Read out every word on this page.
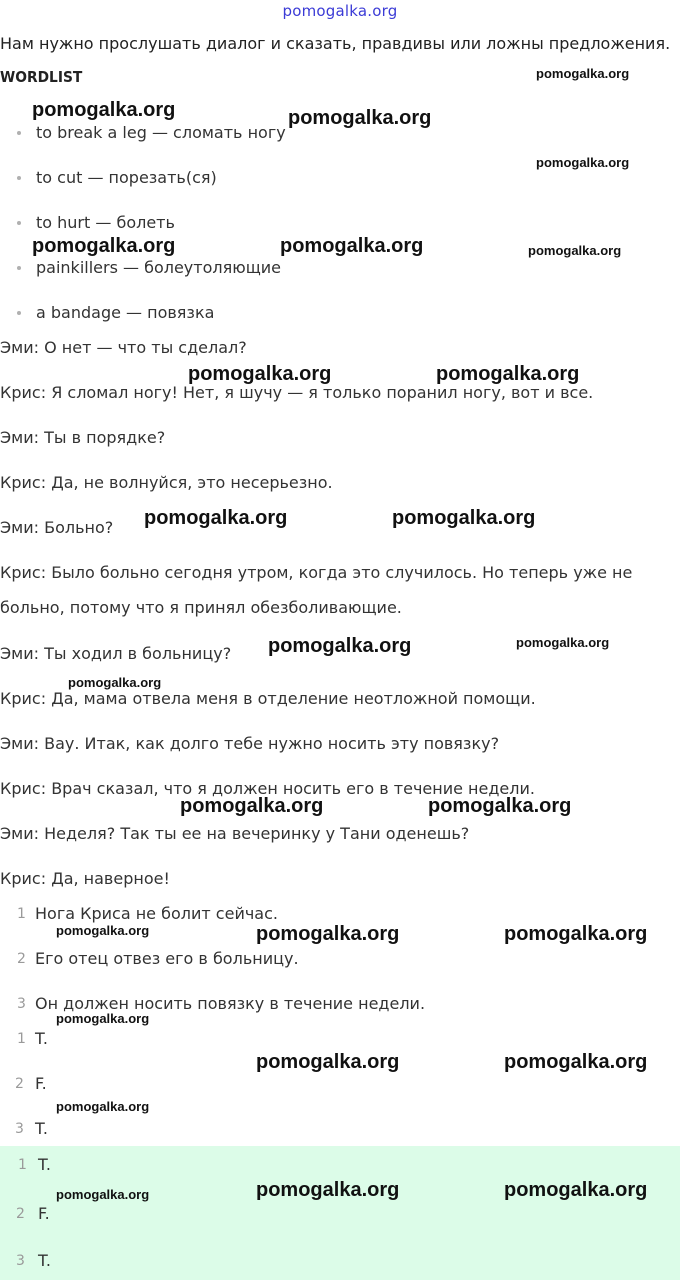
pomogalka.org
Нам нужно прослушать диалог и сказать, правдивы или ложны предложения.
WORDLIST
to break a leg — сломать ногу
to cut — порезать(ся)
to hurt — болеть
painkillers — болеутоляющие
a bandage — повязка
Эми: О нет — что ты сделал?
Крис: Я сломал ногу! Нет, я шучу — я только поранил ногу, вот и все.
Эми: Ты в порядке?
Крис: Да, не волнуйся, это несерьезно.
Эми: Больно?
Крис: Было больно сегодня утром, когда это случилось. Но теперь уже не
больно, потому что я принял обезболивающие.
Эми: Ты ходил в больницу?
Крис: Да, мама отвела меня в отделение неотложной помощи.
Эми: Вау. Итак, как долго тебе нужно носить эту повязку?
Крис: Врач сказал, что я должен носить его в течение недели.
Эми: Неделя? Так ты ее на вечеринку у Тани оденешь?
Крис: Да, наверное!
1 Нога Криса не болит сейчас.
2 Его отец отвез его в больницу.
3 Он должен носить повязку в течение недели.
1 T.
2 F.
3 T.
1 T.
2 F.
3 T.
pomogalka.org
pomogalka.org	pomogalka.org
pomogalka.org
pomogalka.org	pomogalka.org	pomogalka.org
pomogalka.org	pomogalka.org
pomogalka.org	pomogalka.org
pomogalka.org
pomogalka.org
pomogalka.org
pomogalka.org	pomogalka.org
pomogalka.org	pomogalka.org	pomogalka.org
pomogalka.org
pomogalka.org	pomogalka.org
pomogalka.org
pomogalka.org	pomogalka.org	pomogalka.org
